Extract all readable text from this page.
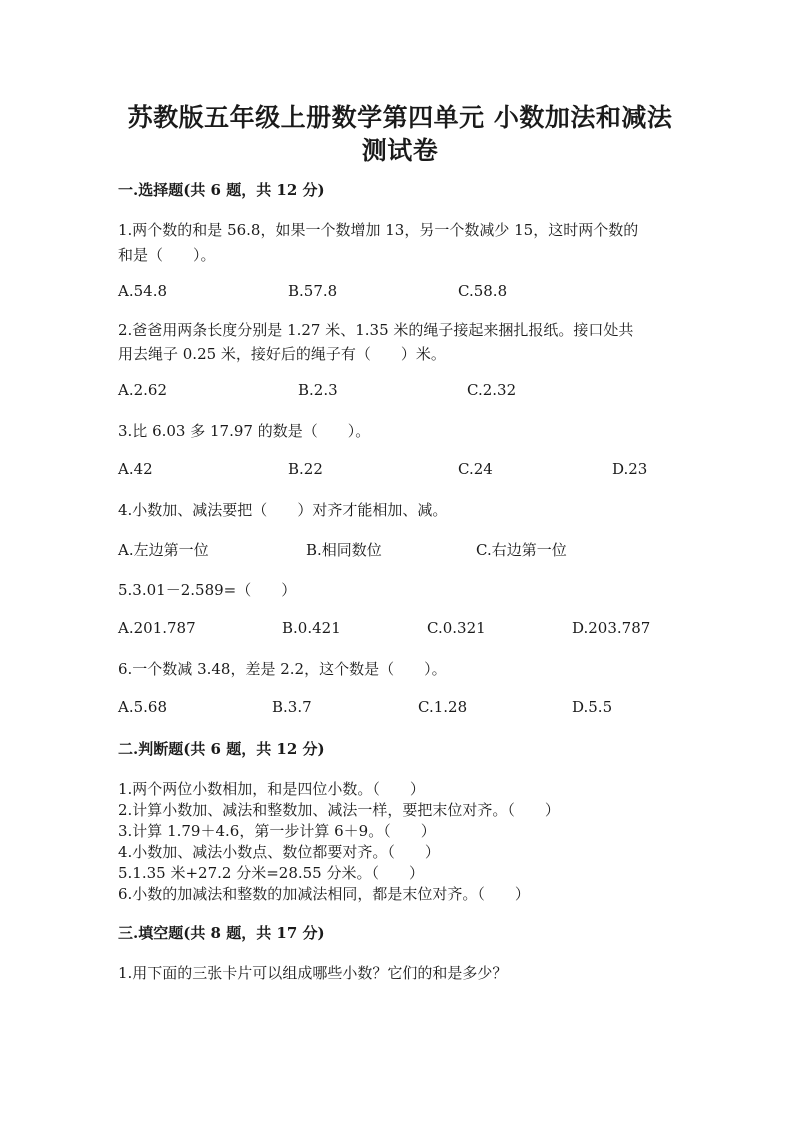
苏教版五年级上册数学第四单元 小数加法和减法
测试卷
一.选择题(共 6 题，共 12 分)
1.两个数的和是 56.8，如果一个数增加 13，另一个数减少 15，这时两个数的
和是（　　）。
A.54.8	B.57.8	C.58.8
2.爸爸用两条长度分别是 1.27 米、1.35 米的绳子接起来捆扎报纸。接口处共
用去绳子 0.25 米，接好后的绳子有（　　）米。
A.2.62	B.2.3	C.2.32
3.比 6.03 多 17.97 的数是（　　）。
A.42	B.22	C.24	D.23
4.小数加、减法要把（　　）对齐才能相加、减。
A.左边第一位	B.相同数位	C.右边第一位
5.3.01－2.589=（　　）
A.201.787	B.0.421	C.0.321	D.203.787
6.一个数减 3.48，差是 2.2，这个数是（　　）。
A.5.68	B.3.7	C.1.28	D.5.5
二.判断题(共 6 题，共 12 分)
1.两个两位小数相加，和是四位小数。（　　）
2.计算小数加、减法和整数加、减法一样，要把末位对齐。（　　）
3.计算 1.79＋4.6，第一步计算 6＋9。（　　）
4.小数加、减法小数点、数位都要对齐。（　　）
5.1.35 米+27.2 分米=28.55 分米。（　　）
6.小数的加减法和整数的加减法相同，都是末位对齐。（　　）
三.填空题(共 8 题，共 17 分)
1.用下面的三张卡片可以组成哪些小数？它们的和是多少？
